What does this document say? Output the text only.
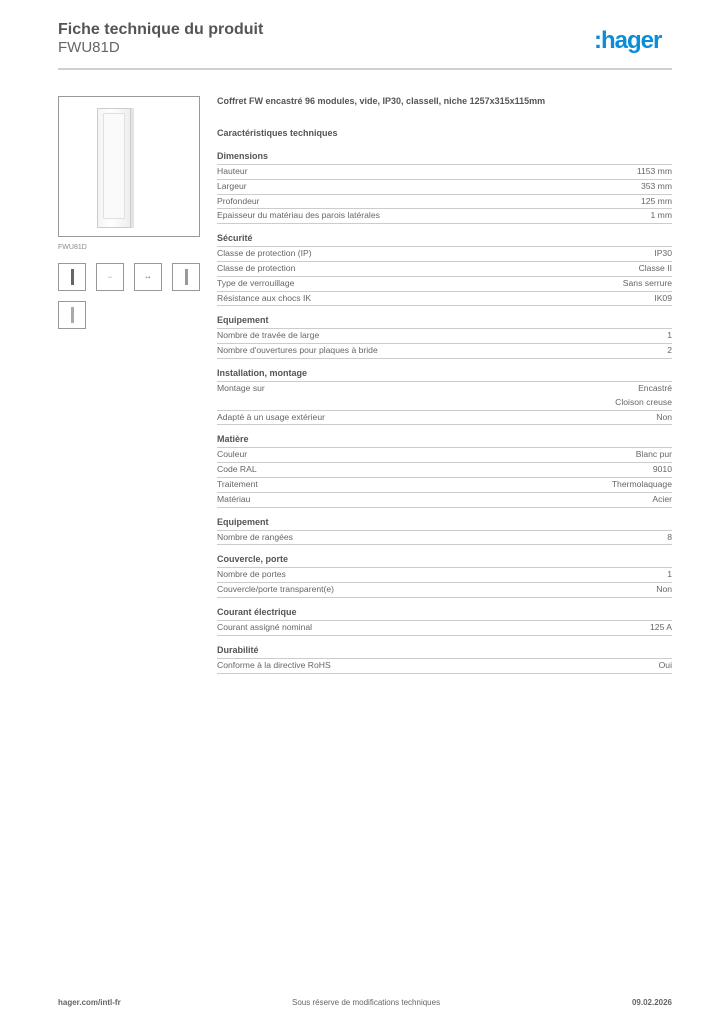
Fiche technique du produit
FWU81D	:hager
FWU81D
↔	↦
Coffret FW encastré 96 modules, vide, IP30, classeII, niche 1257x315x115mm
Caractéristiques techniques
Dimensions
Hauteur	1153 mm
Largeur	353 mm
Profondeur	125 mm
Epaisseur du matériau des parois latérales	1 mm
Sécurité
Classe de protection (IP)	IP30
Classe de protection	Classe II
Type de verrouillage	Sans serrure
Résistance aux chocs IK	IK09
Equipement
Nombre de travée de large	1
Nombre d'ouvertures pour plaques à bride	2
Installation, montage
Montage sur	Encastré
Cloison creuse
Adapté à un usage extérieur	Non
Matière
Couleur	Blanc pur
Code RAL	9010
Traitement	Thermolaquage
Matériau	Acier
Equipement
Nombre de rangées	8
Couvercle, porte
Nombre de portes	1
Couvercle/porte transparent(e)	Non
Courant électrique
Courant assigné nominal	125 A
Durabilité
Conforme à la directive RoHS	Oui
hager.com/intl-fr	Sous réserve de modifications techniques	09.02.2026
